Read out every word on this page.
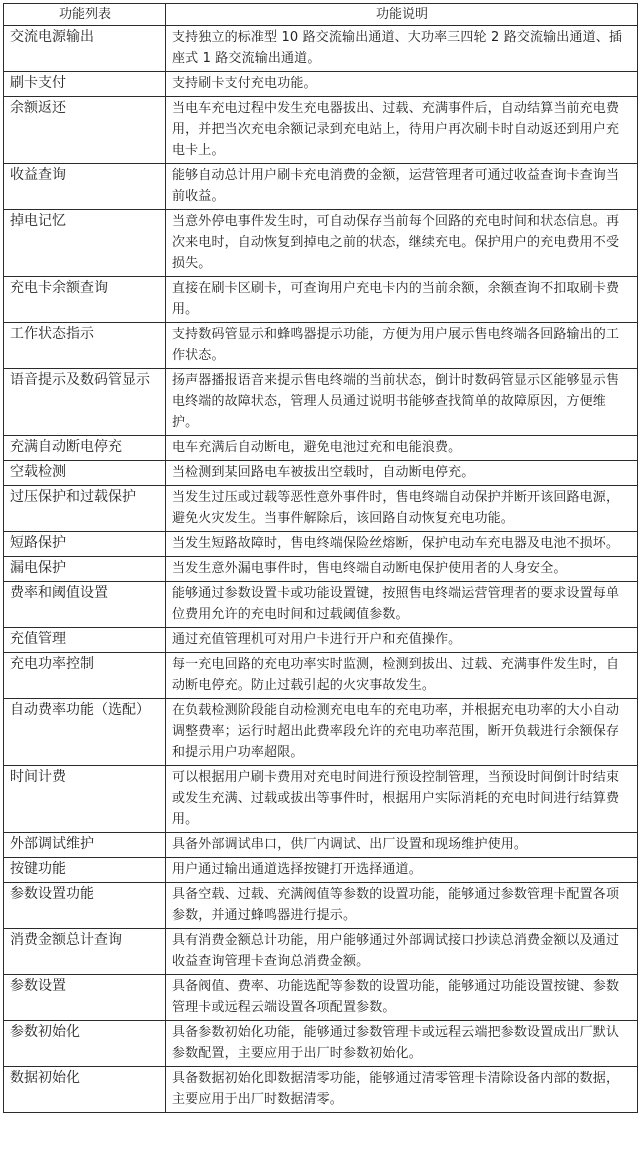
功能列表	功能说明
交流电源输出	支持独立的标准型 10 路交流输出通道、大功率三四轮 2 路交流输出通道、插座式 1 路交流输出通道。
刷卡支付	支持刷卡支付充电功能。
余额返还	当电车充电过程中发生充电器拔出、过载、充满事件后，自动结算当前充电费用，并把当次充电余额记录到充电站上，待用户再次刷卡时自动返还到用户充电卡上。
收益查询	能够自动总计用户刷卡充电消费的金额，运营管理者可通过收益查询卡查询当前收益。
掉电记忆	当意外停电事件发生时，可自动保存当前每个回路的充电时间和状态信息。再次来电时，自动恢复到掉电之前的状态，继续充电。保护用户的充电费用不受损失。
充电卡余额查询	直接在刷卡区刷卡，可查询用户充电卡内的当前余额，余额查询不扣取刷卡费用。
工作状态指示	支持数码管显示和蜂鸣器提示功能，方便为用户展示售电终端各回路输出的工作状态。
语音提示及数码管显示	扬声器播报语音来提示售电终端的当前状态，倒计时数码管显示区能够显示售电终端的故障状态，管理人员通过说明书能够查找简单的故障原因，方便维护。
充满自动断电停充	电车充满后自动断电，避免电池过充和电能浪费。
空载检测	当检测到某回路电车被拔出空载时，自动断电停充。
过压保护和过载保护	当发生过压或过载等恶性意外事件时，售电终端自动保护并断开该回路电源，避免火灾发生。当事件解除后，该回路自动恢复充电功能。
短路保护	当发生短路故障时，售电终端保险丝熔断，保护电动车充电器及电池不损坏。
漏电保护	当发生意外漏电事件时，售电终端自动断电保护使用者的人身安全。
费率和阈值设置	能够通过参数设置卡或功能设置键，按照售电终端运营管理者的要求设置每单位费用允许的充电时间和过载阈值参数。
充值管理	通过充值管理机可对用户卡进行开户和充值操作。
充电功率控制	每一充电回路的充电功率实时监测，检测到拔出、过载、充满事件发生时，自动断电停充。防止过载引起的火灾事故发生。
自动费率功能（选配）	在负载检测阶段能自动检测充电电车的充电功率，并根据充电功率的大小自动调整费率；运行时超出此费率段允许的充电功率范围，断开负载进行余额保存和提示用户功率超限。
时间计费	可以根据用户刷卡费用对充电时间进行预设控制管理，当预设时间倒计时结束或发生充满、过载或拔出等事件时，根据用户实际消耗的充电时间进行结算费用。
外部调试维护	具备外部调试串口，供厂内调试、出厂设置和现场维护使用。
按键功能	用户通过输出通道选择按键打开选择通道。
参数设置功能	具备空载、过载、充满阀值等参数的设置功能，能够通过参数管理卡配置各项参数，并通过蜂鸣器进行提示。
消费金额总计查询	具有消费金额总计功能，用户能够通过外部调试接口抄读总消费金额以及通过收益查询管理卡查询总消费金额。
参数设置	具备阀值、费率、功能选配等参数的设置功能，能够通过功能设置按键、参数管理卡或远程云端设置各项配置参数。
参数初始化	具备参数初始化功能，能够通过参数管理卡或远程云端把参数设置成出厂默认参数配置，主要应用于出厂时参数初始化。
数据初始化	具备数据初始化即数据清零功能，能够通过清零管理卡清除设备内部的数据，主要应用于出厂时数据清零。
